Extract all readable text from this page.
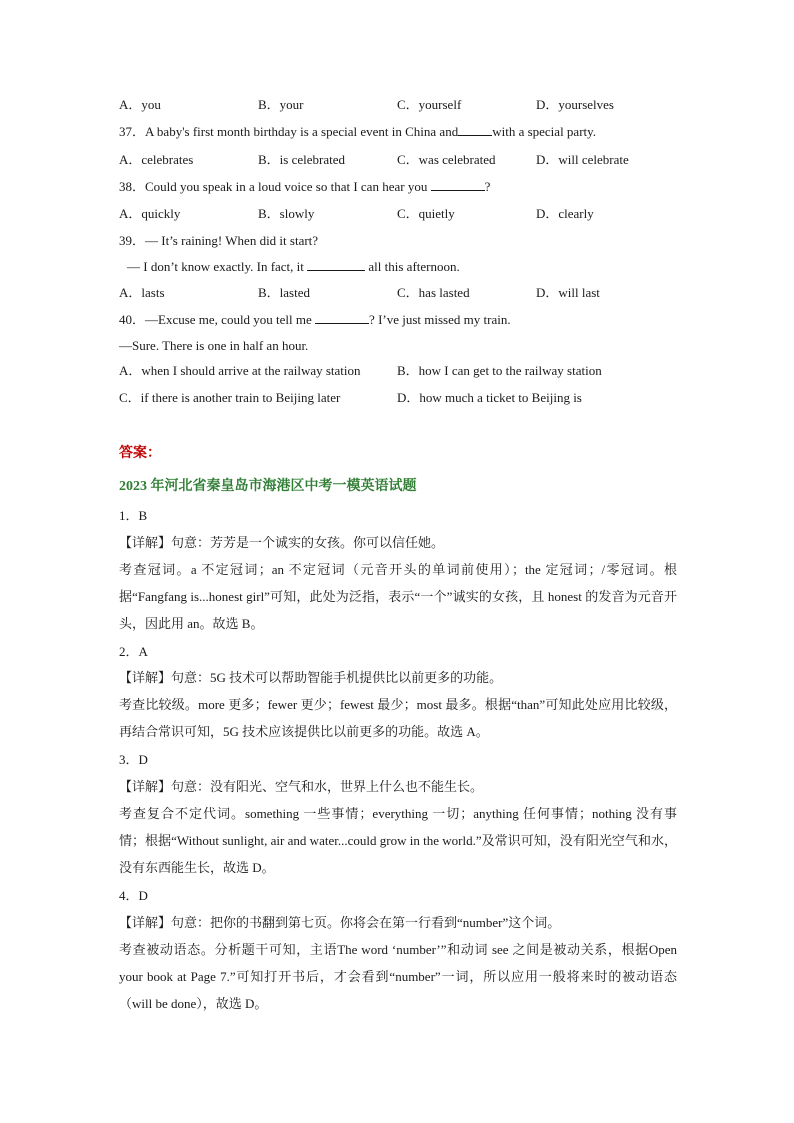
A．you	B．your	C．yourself	D．yourselves
37．A baby's first month birthday is a special event in China and	with a special party.
A．celebrates	B．is celebrated	C．was celebrated	D．will celebrate
38．Could you speak in a loud voice so that I can hear you	?
A．quickly	B．slowly	C．quietly	D．clearly
39．— It’s raining! When did it start?
— I don’t know exactly. In fact, it	all this afternoon.
A．lasts	B．lasted	C．has lasted	D．will last
40．—Excuse me, could you tell me	? I’ve just missed my train.
—Sure. There is one in half an hour.
A．when I should arrive at the railway station	B．how I can get to the railway station
C．if there is another train to Beijing later	D．how much a ticket to Beijing is
答案：
2023 年河北省秦皇岛市海港区中考一模英语试题
1．B
【详解】句意：芳芳是一个诚实的女孩。你可以信任她。
考查冠词。a 不定冠词；an 不定冠词（元音开头的单词前使用）；the 定冠词；/零冠词。根据“Fangfang is...honest girl”可知，此处为泛指，表示“一个”诚实的女孩，且 honest 的发音为元音开头，因此用 an。故选 B。
2．A
【详解】句意：5G 技术可以帮助智能手机提供比以前更多的功能。
考查比较级。more 更多；fewer 更少；fewest 最少；most 最多。根据“than”可知此处应用比较级，再结合常识可知，5G 技术应该提供比以前更多的功能。故选 A。
3．D
【详解】句意：没有阳光、空气和水，世界上什么也不能生长。
考查复合不定代词。something 一些事情；everything 一切；anything 任何事情；nothing 没有事情；根据“Without sunlight, air and water...could grow in the world.”及常识可知，没有阳光空气和水，没有东西能生长，故选 D。
4．D
【详解】句意：把你的书翻到第七页。你将会在第一行看到“number”这个词。
考查被动语态。分析题干可知，主语The word ‘number’”和动词 see 之间是被动关系，根据Open your book at Page 7.”可知打开书后，才会看到“number”一词，所以应用一般将来时的被动语态（will be done），故选 D。
